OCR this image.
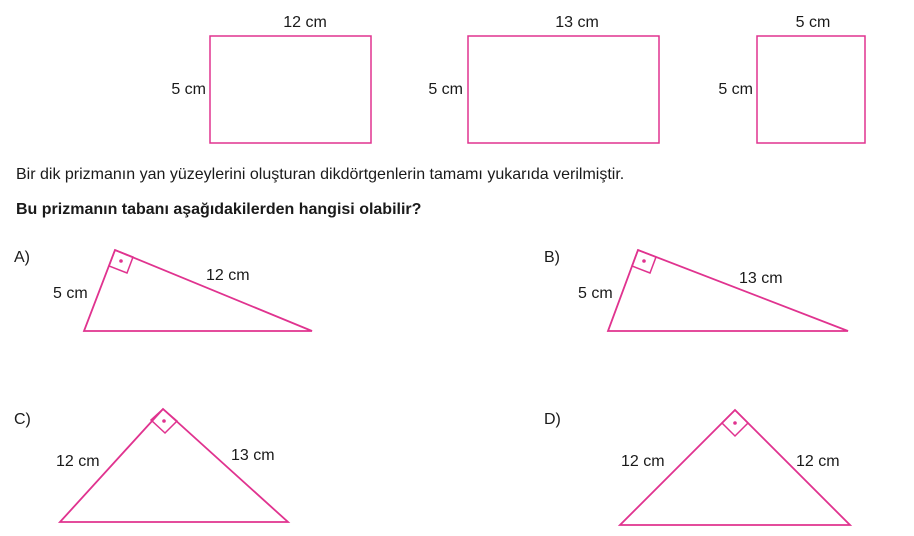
12 cm
5 cm
13 cm
5 cm
5 cm
5 cm
A)
5 cm
12 cm
B)
5 cm
13 cm
C)
12 cm	13 cm
D)
12 cm	12 cm
Bir dik prizmanın yan yüzeylerini oluşturan dikdörtgenlerin tamamı yukarıda verilmiştir.
Bu prizmanın tabanı aşağıdakilerden hangisi olabilir?
